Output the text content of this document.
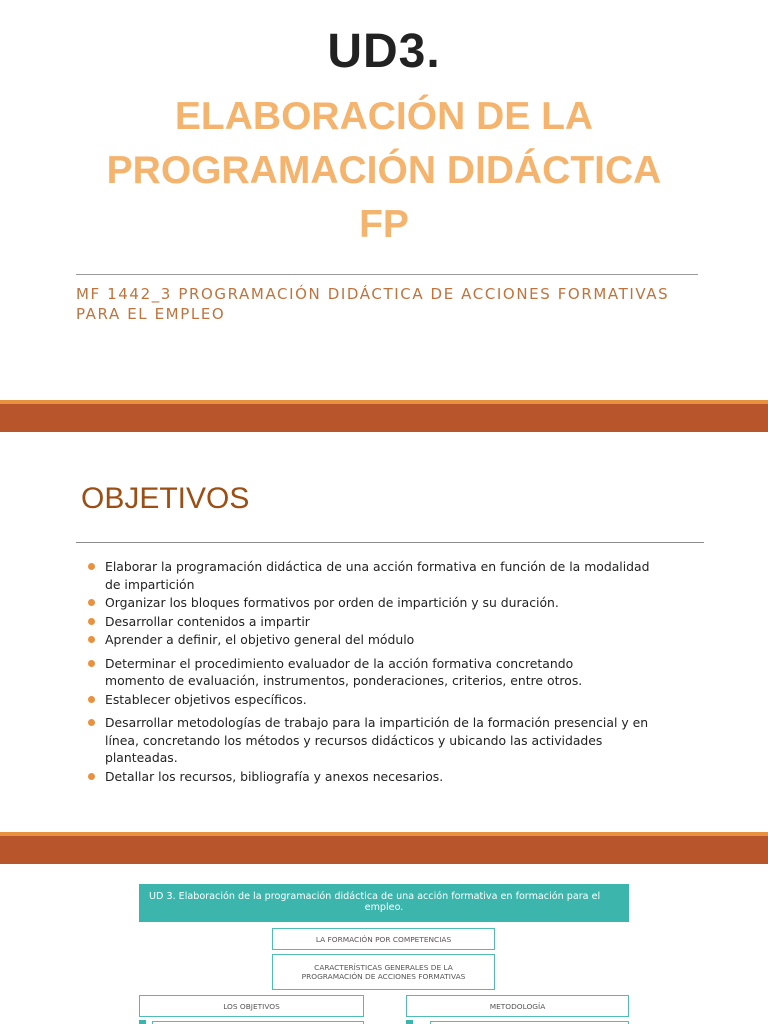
UD3.
ELABORACIÓN DE LA
PROGRAMACIÓN DIDÁCTICA
FP
MF 1442_3 PROGRAMACIÓN DIDÁCTICA DE ACCIONES FORMATIVAS
PARA EL EMPLEO
OBJETIVOS
Elaborar la programación didáctica de una acción formativa en función de la modalidad
de impartición
Organizar los bloques formativos por orden de impartición y su duración.
Desarrollar contenidos a impartir
Aprender a definir, el objetivo general del módulo
Determinar el procedimiento evaluador de la acción formativa concretando
momento de evaluación, instrumentos, ponderaciones, criterios, entre otros.
Establecer objetivos específicos.
Desarrollar metodologías de trabajo para la impartición de la formación presencial y en
línea, concretando los métodos y recursos didácticos y ubicando las actividades
planteadas.
Detallar los recursos, bibliografía y anexos necesarios.
UD 3. Elaboración de la programación didáctica de una acción formativa en formación para el
empleo.
LA FORMACIÓN POR COMPETENCIAS
CARACTERÍSTICAS GENERALES DE LA
PROGRAMACIÓN DE ACCIONES FORMATIVAS
LOS OBJETIVOS	METODOLOGÍA
